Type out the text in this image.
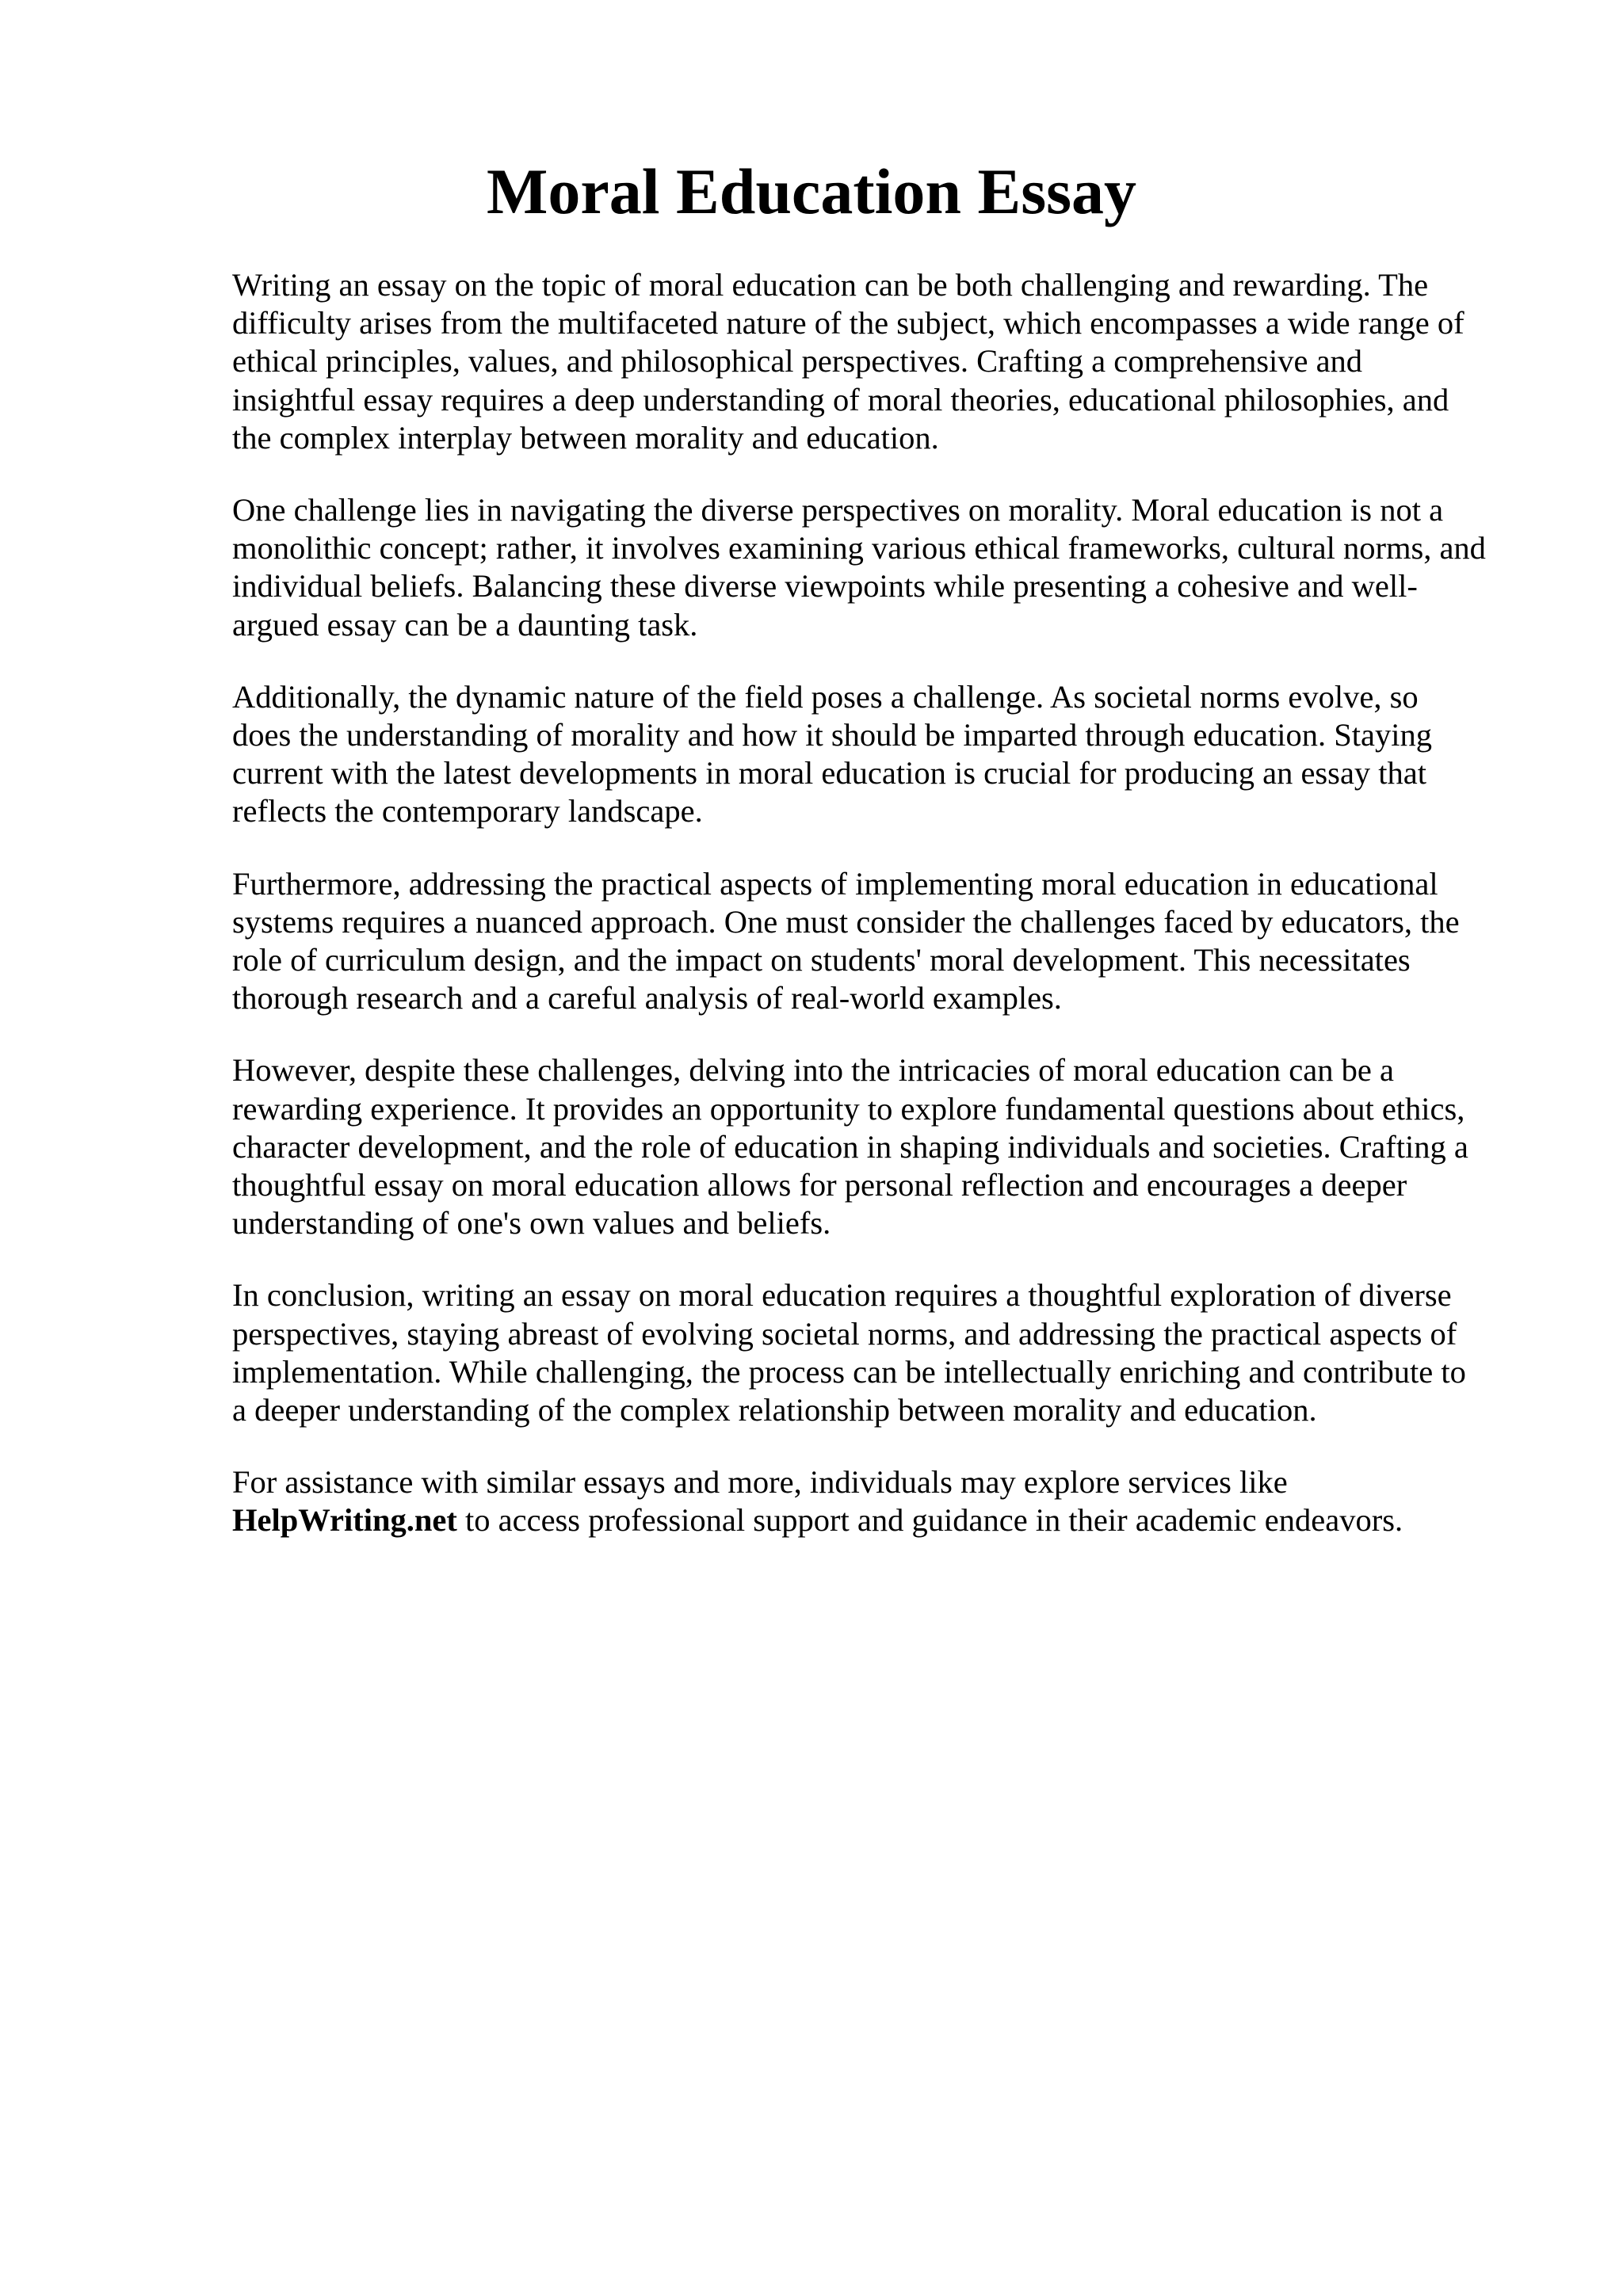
Moral Education Essay

Writing an essay on the topic of moral education can be both challenging and rewarding. The
difficulty arises from the multifaceted nature of the subject, which encompasses a wide range of
ethical principles, values, and philosophical perspectives. Crafting a comprehensive and
insightful essay requires a deep understanding of moral theories, educational philosophies, and
the complex interplay between morality and education.

One challenge lies in navigating the diverse perspectives on morality. Moral education is not a
monolithic concept; rather, it involves examining various ethical frameworks, cultural norms, and
individual beliefs. Balancing these diverse viewpoints while presenting a cohesive and well-
argued essay can be a daunting task.

Additionally, the dynamic nature of the field poses a challenge. As societal norms evolve, so
does the understanding of morality and how it should be imparted through education. Staying
current with the latest developments in moral education is crucial for producing an essay that
reflects the contemporary landscape.

Furthermore, addressing the practical aspects of implementing moral education in educational
systems requires a nuanced approach. One must consider the challenges faced by educators, the
role of curriculum design, and the impact on students' moral development. This necessitates
thorough research and a careful analysis of real-world examples.

However, despite these challenges, delving into the intricacies of moral education can be a
rewarding experience. It provides an opportunity to explore fundamental questions about ethics,
character development, and the role of education in shaping individuals and societies. Crafting a
thoughtful essay on moral education allows for personal reflection and encourages a deeper
understanding of one's own values and beliefs.

In conclusion, writing an essay on moral education requires a thoughtful exploration of diverse
perspectives, staying abreast of evolving societal norms, and addressing the practical aspects of
implementation. While challenging, the process can be intellectually enriching and contribute to
a deeper understanding of the complex relationship between morality and education.

For assistance with similar essays and more, individuals may explore services like
HelpWriting.net to access professional support and guidance in their academic endeavors.
